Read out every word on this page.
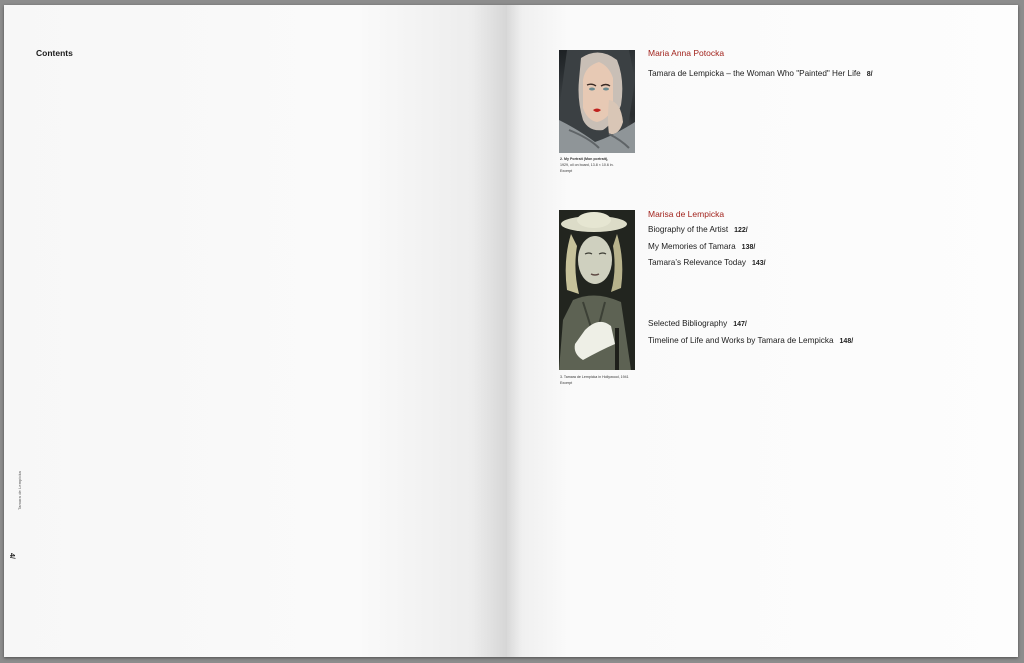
Contents
Tamara de Lempicka
4/
2. My Portrait (Mon portrait),
1929, oil on board, 13.8 × 10.6 in.
Excerpt
3. Tamara de Lempicka in Hollywood, 1941
Excerpt
Maria Anna Potocka
Tamara de Lempicka – the Woman Who "Painted" Her Life 8/
Marisa de Lempicka
Biography of the Artist 122/
My Memories of Tamara 138/
Tamara’s Relevance Today 143/
Selected Bibliography 147/
Timeline of Life and Works by Tamara de Lempicka 148/
